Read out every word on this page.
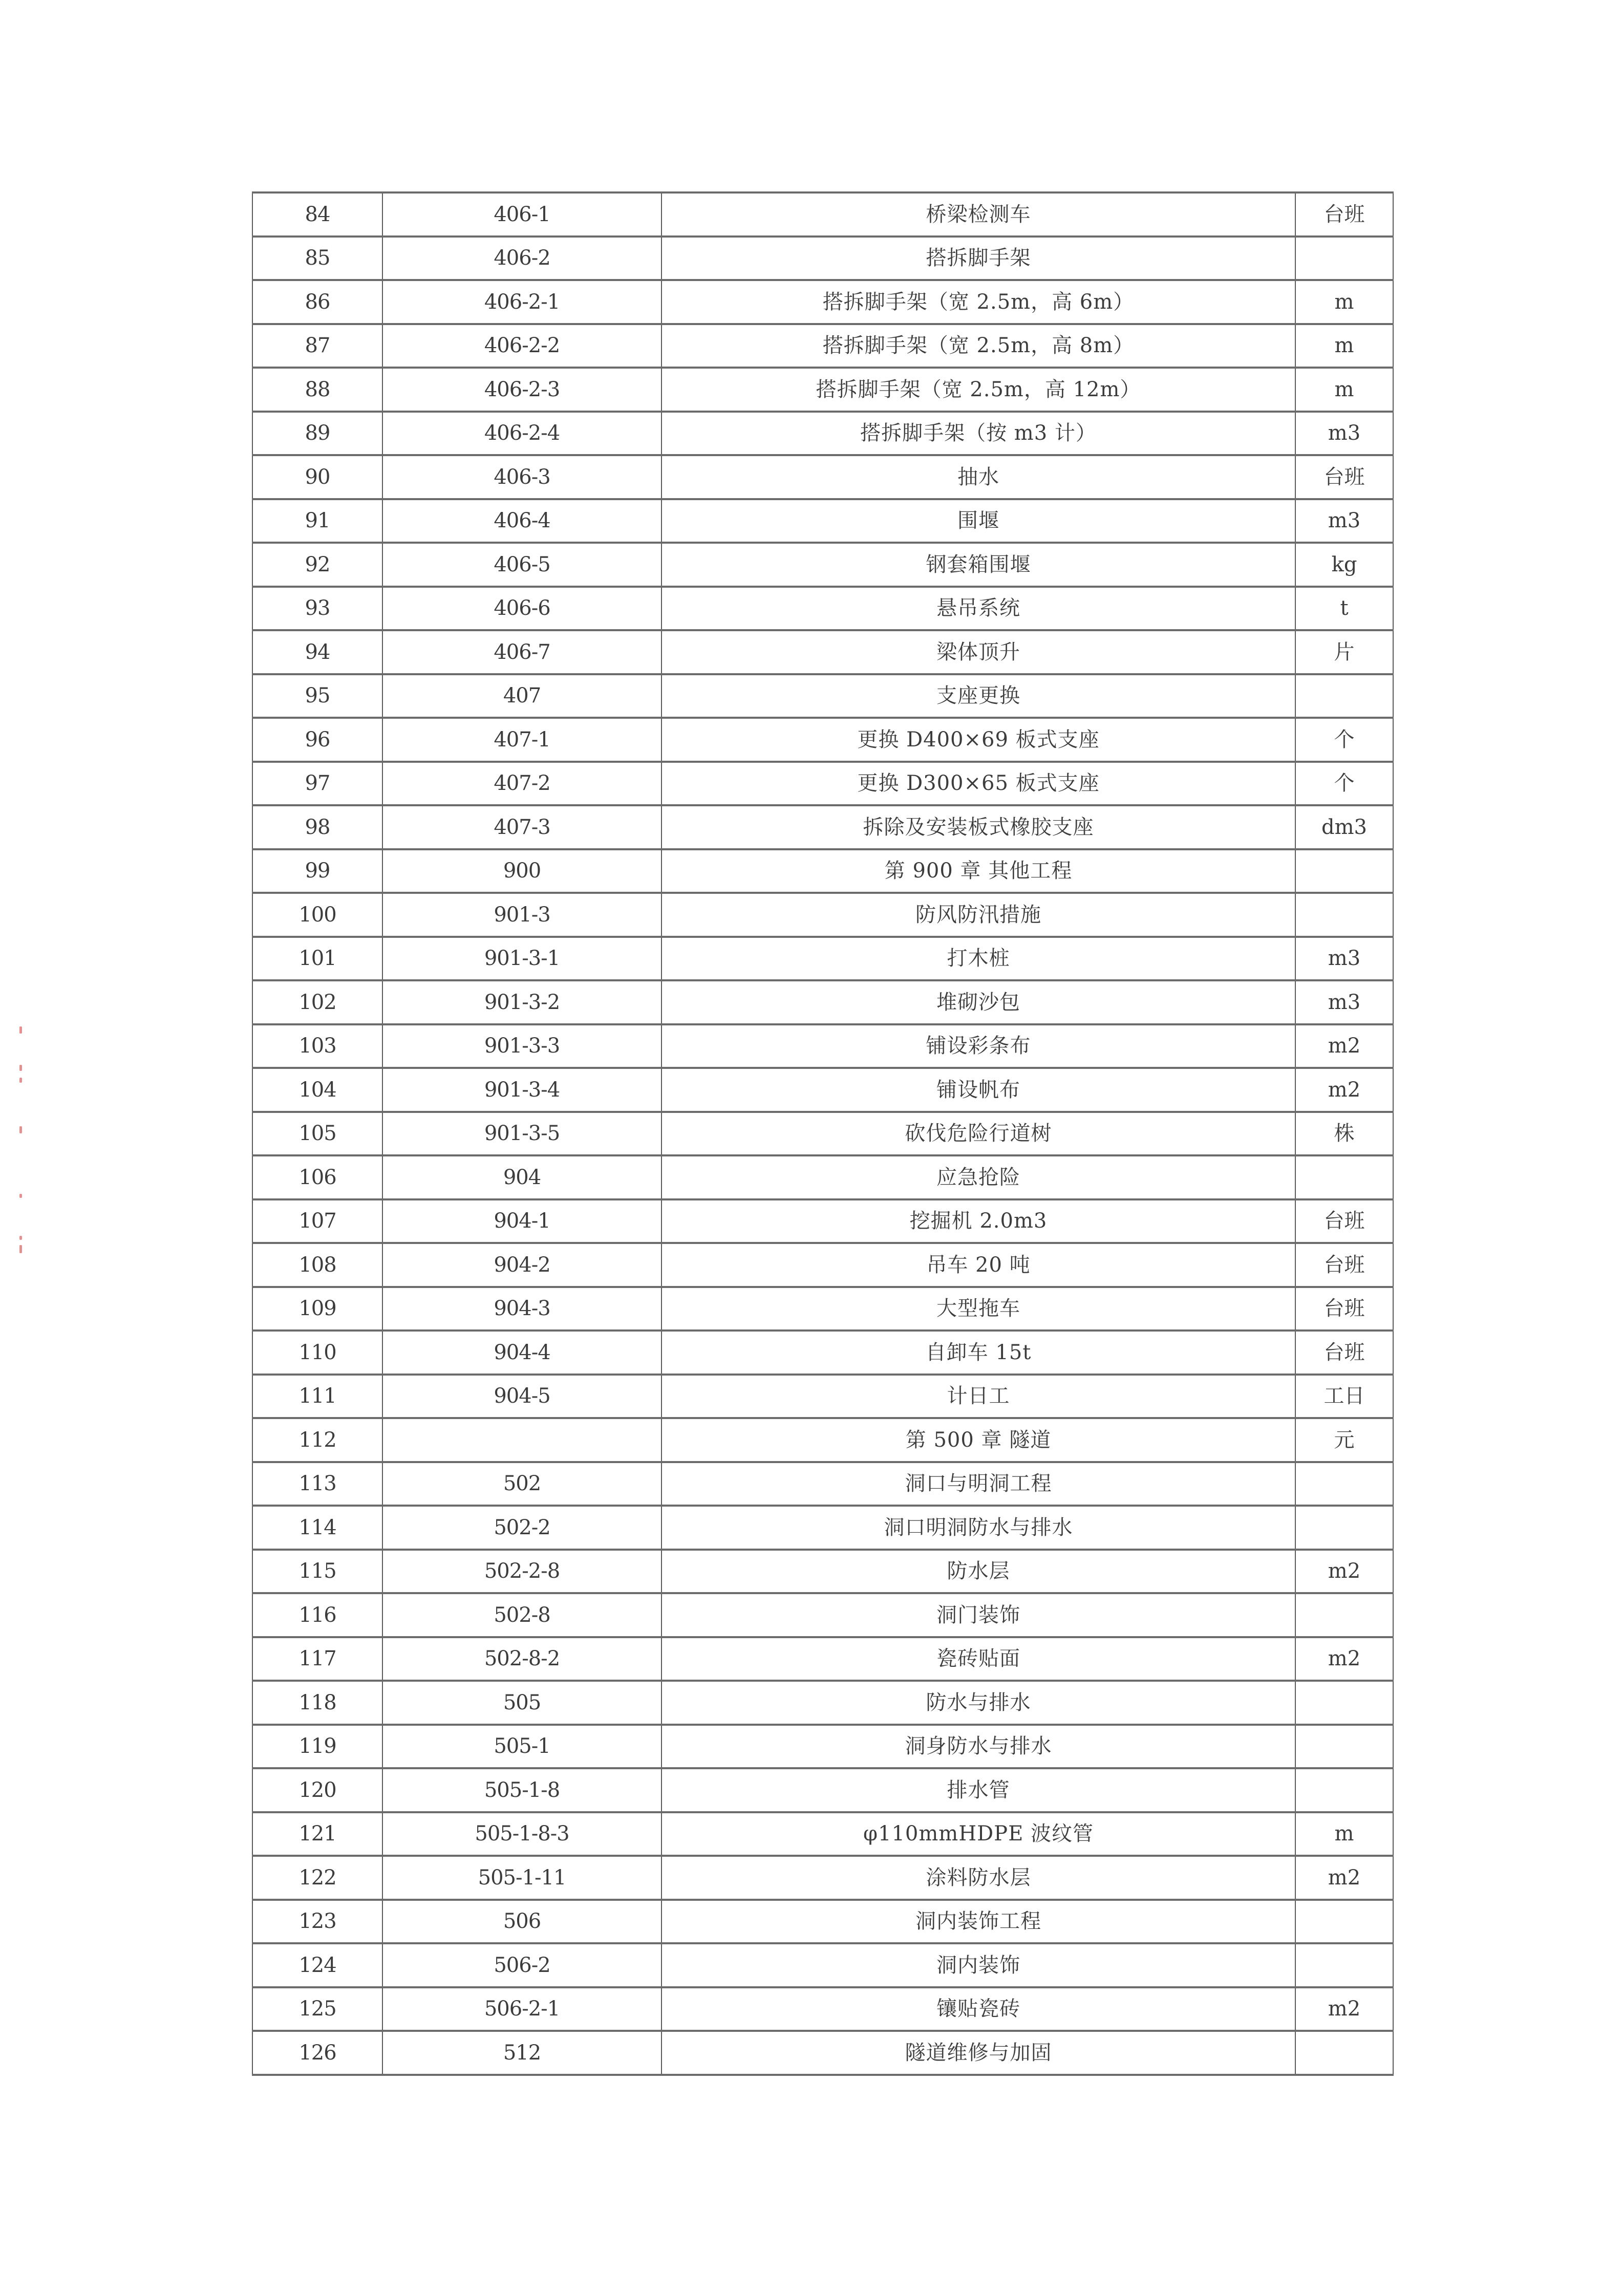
84	406-1	桥梁检测车	台班
85	406-2	搭拆脚手架	
86	406-2-1	搭拆脚手架（宽 2.5m，高 6m）	m
87	406-2-2	搭拆脚手架（宽 2.5m，高 8m）	m
88	406-2-3	搭拆脚手架（宽 2.5m，高 12m）	m
89	406-2-4	搭拆脚手架（按 m3 计）	m3
90	406-3	抽水	台班
91	406-4	围堰	m3
92	406-5	钢套箱围堰	kg
93	406-6	悬吊系统	t
94	406-7	梁体顶升	片
95	407	支座更换	
96	407-1	更换 D400×69 板式支座	个
97	407-2	更换 D300×65 板式支座	个
98	407-3	拆除及安装板式橡胶支座	dm3
99	900	第 900 章 其他工程	
100	901-3	防风防汛措施	
101	901-3-1	打木桩	m3
102	901-3-2	堆砌沙包	m3
103	901-3-3	铺设彩条布	m2
104	901-3-4	铺设帆布	m2
105	901-3-5	砍伐危险行道树	株
106	904	应急抢险	
107	904-1	挖掘机 2.0m3	台班
108	904-2	吊车 20 吨	台班
109	904-3	大型拖车	台班
110	904-4	自卸车 15t	台班
111	904-5	计日工	工日
112		第 500 章 隧道	元
113	502	洞口与明洞工程	
114	502-2	洞口明洞防水与排水	
115	502-2-8	防水层	m2
116	502-8	洞门装饰	
117	502-8-2	瓷砖贴面	m2
118	505	防水与排水	
119	505-1	洞身防水与排水	
120	505-1-8	排水管	
121	505-1-8-3	φ110mmHDPE 波纹管	m
122	505-1-11	涂料防水层	m2
123	506	洞内装饰工程	
124	506-2	洞内装饰	
125	506-2-1	镶贴瓷砖	m2
126	512	隧道维修与加固	
